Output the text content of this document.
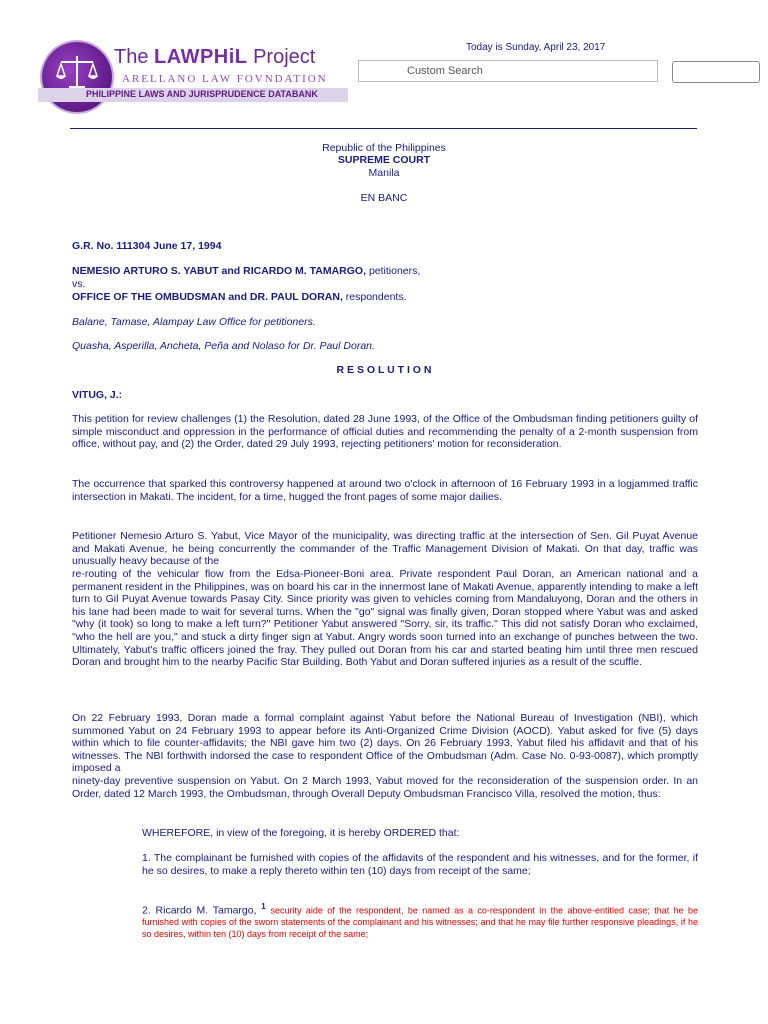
The LAWPHiL Project
ARELLANO LAW FOVNDATION
PHILIPPINE LAWS AND JURISPRUDENCE DATABANK
Today is Sunday, April 23, 2017
Custom Search
Republic of the Philippines
SUPREME COURT
Manila
EN BANC
G.R. No. 111304 June 17, 1994
NEMESIO ARTURO S. YABUT and RICARDO M. TAMARGO, petitioners,
vs.
OFFICE OF THE OMBUDSMAN and DR. PAUL DORAN, respondents.
Balane, Tamase, Alampay Law Office for petitioners.
Quasha, Asperilla, Ancheta, Peña and Nolaso for Dr. Paul Doran.
R E S O L U T I O N
VITUG, J.:
This petition for review challenges (1) the Resolution, dated 28 June 1993, of the Office of the Ombudsman finding petitioners guilty of simple misconduct and oppression in the performance of official duties and recommending the penalty of a 2-month suspension from office, without pay, and (2) the Order, dated 29 July 1993, rejecting petitioners' motion for reconsideration.
The occurrence that sparked this controversy happened at around two o'clock in afternoon of 16 February 1993 in a logjammed traffic intersection in Makati. The incident, for a time, hugged the front pages of some major dailies.
Petitioner Nemesio Arturo S. Yabut, Vice Mayor of the municipality, was directing traffic at the intersection of Sen. Gil Puyat Avenue and Makati Avenue, he being concurrently the commander of the Traffic Management Division of Makati. On that day, traffic was unusually heavy because of the
re-routing of the vehicular flow from the Edsa-Pioneer-Boni area. Private respondent Paul Doran, an American national and a permanent resident in the Philippines, was on board his car in the innermost lane of Makati Avenue, apparently intending to make a left turn to Gil Puyat Avenue towards Pasay City. Since priority was given to vehicles coming from Mandaluyong, Doran and the others in his lane had been made to wait for several turns. When the "go" signal was finally given, Doran stopped where Yabut was and asked "why (it took) so long to make a left turn?" Petitioner Yabut answered "Sorry, sir, its traffic." This did not satisfy Doran who exclaimed, "who the hell are you," and stuck a dirty finger sign at Yabut. Angry words soon turned into an exchange of punches between the two. Ultimately, Yabut's traffic officers joined the fray. They pulled out Doran from his car and started beating him until three men rescued Doran and brought him to the nearby Pacific Star Building. Both Yabut and Doran suffered injuries as a result of the scuffle.
On 22 February 1993, Doran made a formal complaint against Yabut before the National Bureau of Investigation (NBI), which summoned Yabut on 24 February 1993 to appear before its Anti-Organized Crime Division (AOCD). Yabut asked for five (5) days within which to file counter-affidavits; the NBI gave him two (2) days. On 26 February 1993, Yabut filed his affidavit and that of his witnesses. The NBI forthwith indorsed the case to respondent Office of the Ombudsman (Adm. Case No. 0-93-0087), which promptly imposed a
ninety-day preventive suspension on Yabut. On 2 March 1993, Yabut moved for the reconsideration of the suspension order. In an Order, dated 12 March 1993, the Ombudsman, through Overall Deputy Ombudsman Francisco Villa, resolved the motion, thus:
WHEREFORE, in view of the foregoing, it is hereby ORDERED that:
1. The complainant be furnished with copies of the affidavits of the respondent and his witnesses, and for the former, if he so desires, to make a reply thereto within ten (10) days from receipt of the same;
2. Ricardo M. Tamargo, $^1$ security aide of the respondent, be named as a co-respondent in the above-entitled case; that he be furnished with copies of the sworn statements of the complainant and his witnesses; and that he may file further responsive pleadings, if he so desires, within ten (10) days from receipt of the same;
